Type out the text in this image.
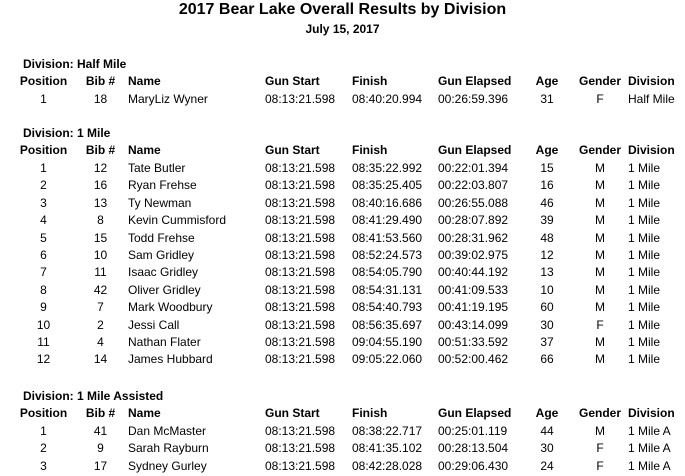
2017 Bear Lake Overall Results by Division
July 15, 2017
Division: Half Mile
Position	Bib #	Name	Gun Start	Finish	Gun Elapsed	Age	Gender Division
1	18	MaryLiz Wyner	08:13:21.598 08:40:20.994 00:26:59.396	31	F	Half Mile
Division: 1 Mile
Position	Bib #	Name	Gun Start	Finish	Gun Elapsed	Age	Gender Division
1	12	Tate Butler	08:13:21.598 08:35:22.992 00:22:01.394	15	M	1 Mile
2	16	Ryan Frehse	08:13:21.598 08:35:25.405 00:22:03.807	16	M	1 Mile
3	13	Ty Newman	08:13:21.598 08:40:16.686 00:26:55.088	46	M	1 Mile
4	8	Kevin Cummisford	08:13:21.598 08:41:29.490 00:28:07.892	39	M	1 Mile
5	15	Todd Frehse	08:13:21.598 08:41:53.560 00:28:31.962	48	M	1 Mile
6	10	Sam Gridley	08:13:21.598 08:52:24.573 00:39:02.975	12	M	1 Mile
7	11	Isaac Gridley	08:13:21.598 08:54:05.790 00:40:44.192	13	M	1 Mile
8	42	Oliver Gridley	08:13:21.598 08:54:31.131 00:41:09.533	10	M	1 Mile
9	7	Mark Woodbury	08:13:21.598 08:54:40.793 00:41:19.195	60	M	1 Mile
10	2	Jessi Call	08:13:21.598 08:56:35.697 00:43:14.099	30	F	1 Mile
11	4	Nathan Flater	08:13:21.598 09:04:55.190 00:51:33.592	37	M	1 Mile
12	14	James Hubbard	08:13:21.598 09:05:22.060 00:52:00.462	66	M	1 Mile
Division: 1 Mile Assisted
Position	Bib #	Name	Gun Start	Finish	Gun Elapsed	Age	Gender Division
1	41	Dan McMaster	08:13:21.598 08:38:22.717 00:25:01.119	44	M	1 Mile A
2	9	Sarah Rayburn	08:13:21.598 08:41:35.102 00:28:13.504	30	F	1 Mile A
3	17	Sydney Gurley	08:13:21.598 08:42:28.028 00:29:06.430	24	F	1 Mile A
